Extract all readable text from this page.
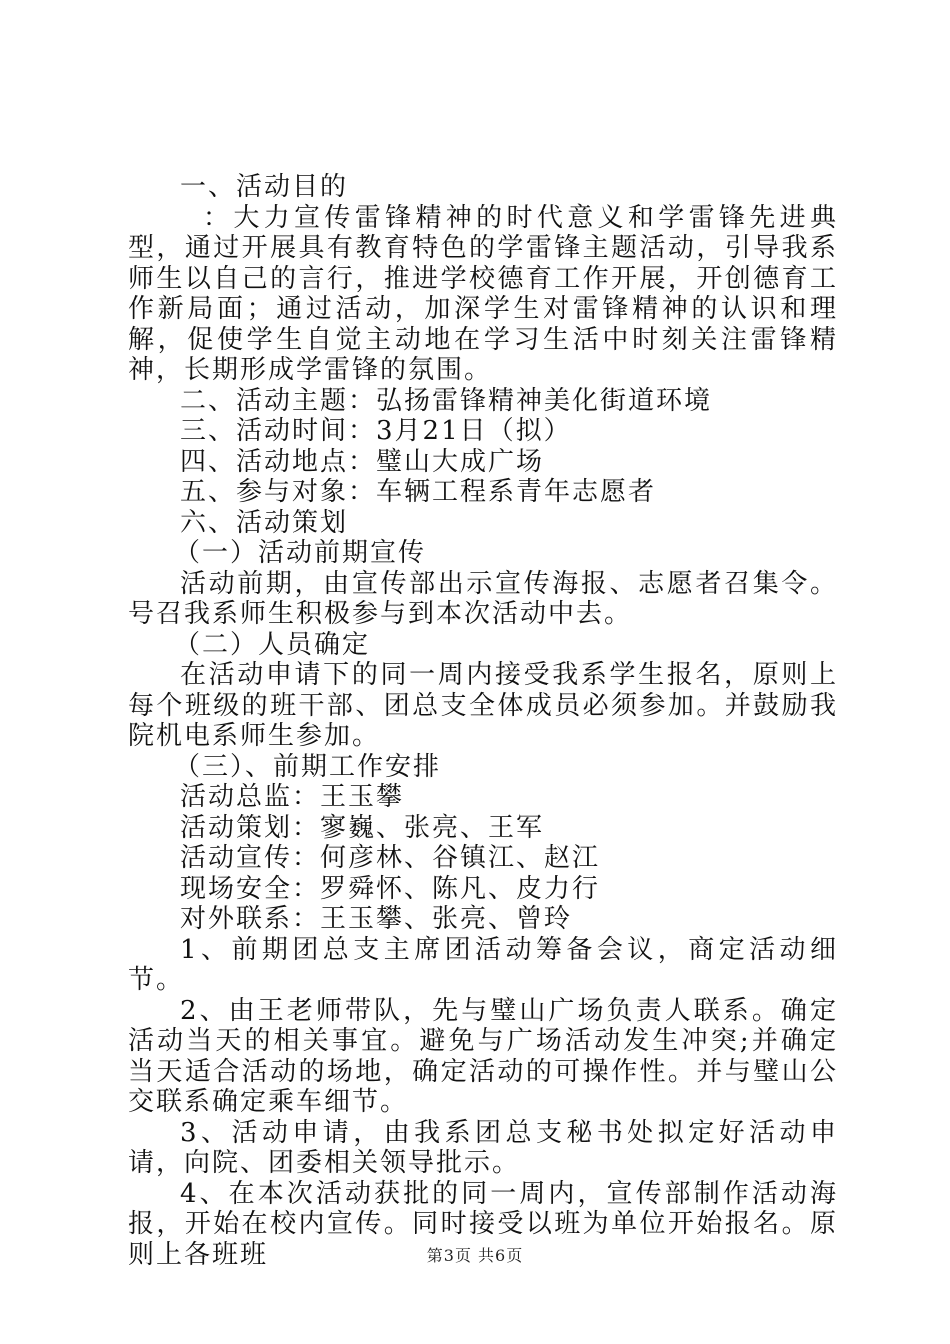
一、活动目的

：大力宣传雷锋精神的时代意义和学雷锋先进典型，通过开展具有教育特色的学雷锋主题活动，引导我系师生以自己的言行，推进学校德育工作开展，开创德育工作新局面；通过活动，加深学生对雷锋精神的认识和理解，促使学生自觉主动地在学习生活中时刻关注雷锋精神，长期形成学雷锋的氛围。

二、活动主题：弘扬雷锋精神美化街道环境

三、活动时间：3月21日（拟）

四、活动地点：璧山大成广场

五、参与对象：车辆工程系青年志愿者

六、活动策划

（一）活动前期宣传

活动前期，由宣传部出示宣传海报、志愿者召集令。号召我系师生积极参与到本次活动中去。

（二）人员确定

在活动申请下的同一周内接受我系学生报名，原则上每个班级的班干部、团总支全体成员必须参加。并鼓励我院机电系师生参加。

（三）、前期工作安排

活动总监：王玉攀

活动策划：寥巍、张亮、王军

活动宣传：何彦林、谷镇江、赵江

现场安全：罗舜怀、陈凡、皮力行

对外联系：王玉攀、张亮、曾玲

1、前期团总支主席团活动筹备会议，商定活动细节。

2、由王老师带队，先与璧山广场负责人联系。确定活动当天的相关事宜。避免与广场活动发生冲突;并确定当天适合活动的场地，确定活动的可操作性。并与璧山公交联系确定乘车细节。

3、活动申请，由我系团总支秘书处拟定好活动申请，向院、团委相关领导批示。

4、在本次活动获批的同一周内，宣传部制作活动海报，开始在校内宣传。同时接受以班为单位开始报名。原则上各班班	第3页 共6页
